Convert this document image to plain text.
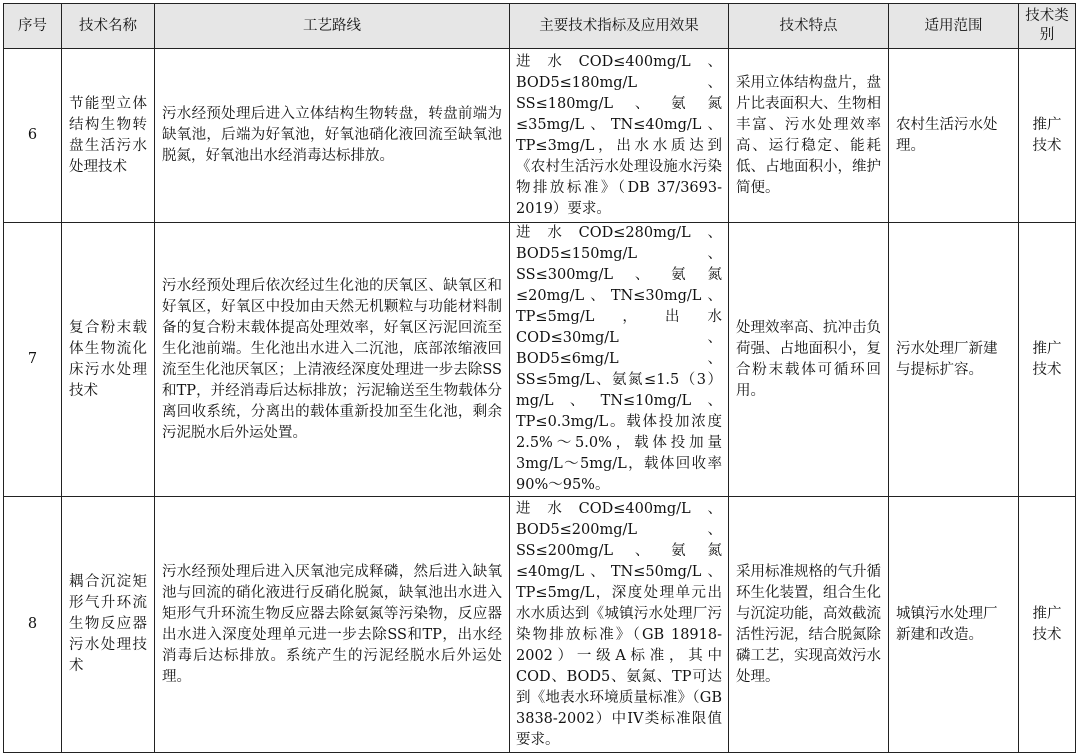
序号	技术名称	工艺路线	主要技术指标及应用效果	技术特点	适用范围	技术类别
6	节能型立体结构生物转盘生活污水处理技术	污水经预处理后进入立体结构生物转盘，转盘前端为缺氧池，后端为好氧池，好氧池硝化液回流至缺氧池脱氮，好氧池出水经消毒达标排放。	进水COD≤400mg/L、BOD5≤180mg/L、SS≤180mg/L、氨氮≤35mg/L、TN≤40mg/L、TP≤3mg/L，出水水质达到《农村生活污水处理设施水污染物排放标准》（DB 37/3693-2019）要求。	采用立体结构盘片，盘片比表面积大、生物相丰富、污水处理效率高、运行稳定、能耗低、占地面积小，维护简便。	农村生活污水处理。	推广技术
7	复合粉末载体生物流化床污水处理技术	污水经预处理后依次经过生化池的厌氧区、缺氧区和好氧区，好氧区中投加由天然无机颗粒与功能材料制备的复合粉末载体提高处理效率，好氧区污泥回流至生化池前端。生化池出水进入二沉池，底部浓缩液回流至生化池厌氧区；上清液经深度处理进一步去除SS和TP，并经消毒后达标排放；污泥输送至生物载体分离回收系统，分离出的载体重新投加至生化池，剩余污泥脱水后外运处置。	进水COD≤280mg/L、BOD5≤150mg/L、SS≤300mg/L、氨氮≤20mg/L、TN≤30mg/L、TP≤5mg/L，出水COD≤30mg/L、BOD5≤6mg/L、SS≤5mg/L、氨氮≤1.5（3）mg/L、TN≤10mg/L、TP≤0.3mg/L。载体投加浓度2.5%～5.0%，载体投加量3mg/L～5mg/L，载体回收率90%～95%。	处理效率高、抗冲击负荷强、占地面积小，复合粉末载体可循环回用。	污水处理厂新建与提标扩容。	推广技术
8	耦合沉淀矩形气升环流生物反应器污水处理技术	污水经预处理后进入厌氧池完成释磷，然后进入缺氧池与回流的硝化液进行反硝化脱氮，缺氧池出水进入矩形气升环流生物反应器去除氨氮等污染物，反应器出水进入深度处理单元进一步去除SS和TP，出水经消毒后达标排放。系统产生的污泥经脱水后外运处理。	进水COD≤400mg/L、BOD5≤200mg/L、SS≤200mg/L、氨氮≤40mg/L、TN≤50mg/L、TP≤5mg/L，深度处理单元出水水质达到《城镇污水处理厂污染物排放标准》（GB 18918-2002）一级A标准，其中COD、BOD5、氨氮、TP可达到《地表水环境质量标准》（GB 3838-2002）中IV类标准限值要求。	采用标准规格的气升循环生化装置，组合生化与沉淀功能，高效截流活性污泥，结合脱氮除磷工艺，实现高效污水处理。	城镇污水处理厂新建和改造。	推广技术
